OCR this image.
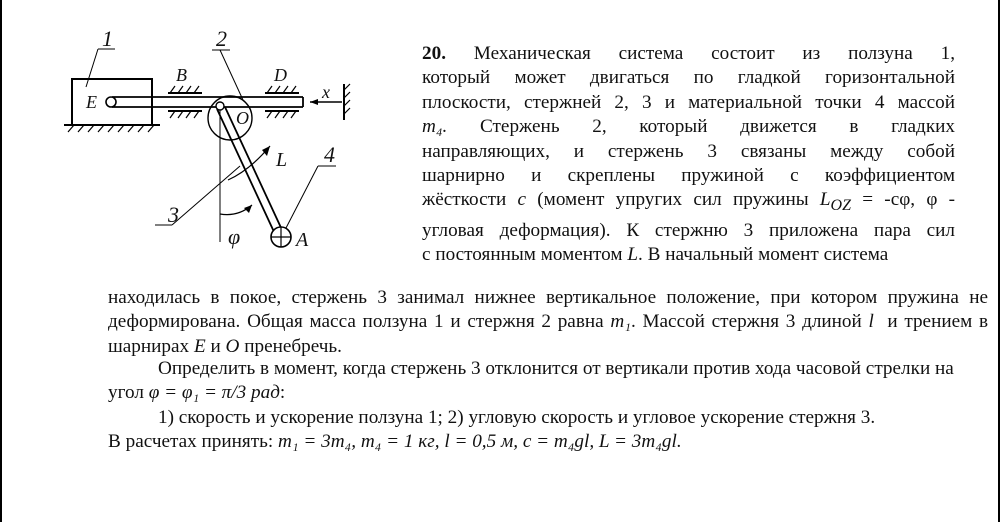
1	2
3
4
B	D
E
O
x
L
φ	A
20. Механическая система состоит из ползуна 1,
который может двигаться по гладкой горизонтальной
плоскости, стержней 2, 3 и материальной точки 4 массой
m₄. Стержень 2, который движется в гладких
направляющих, и стержень 3 связаны между собой
шарнирно и скреплены пружиной с коэффициентом
жёсткости c (момент упругих сил пружины $L_{OZ} = -c\varphi$, φ -
угловая деформация). К стержню 3 приложена пара сил
с постоянным моментом L. В начальный момент система

находилась в покое, стержень 3 занимал нижнее вертикальное положение, при котором пружина не деформирована. Общая масса ползуна 1 и стержня 2 равна m₁. Массой стержня 3 длиной l и трением в шарнирах E и O пренебречь.

Определить в момент, когда стержень 3 отклонится от вертикали против хода часовой стрелки на угол φ = φ₁ = π/3 рад:

1) скорость и ускорение ползуна 1; 2) угловую скорость и угловое ускорение стержня 3.
В расчетах принять: m₁ = 3m₄, m₄ = 1 кг, l = 0,5 м, c = m₄gl, L = 3m₄gl.
